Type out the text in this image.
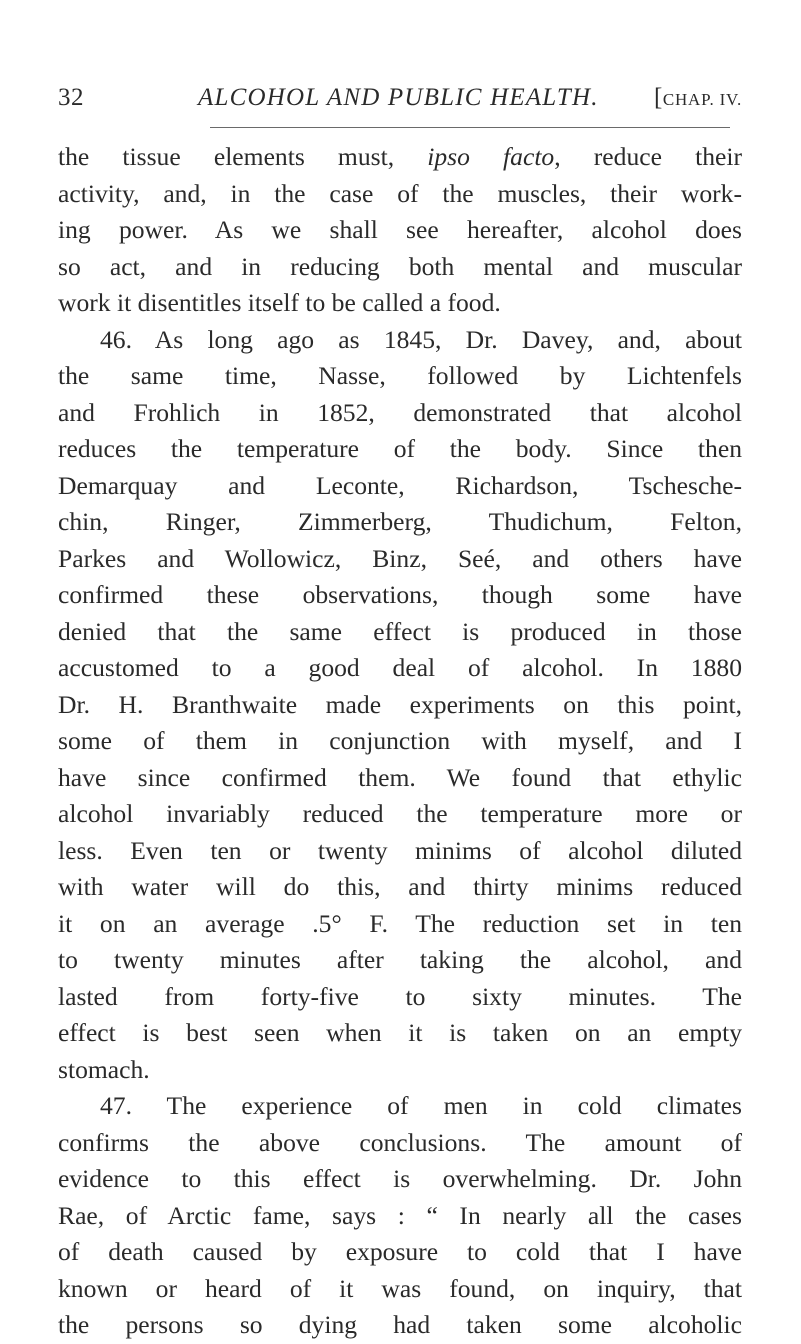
32	ALCOHOL AND PUBLIC HEALTH. [CHAP. IV.
the tissue elements must, ipso facto, reduce their
activity, and, in the case of the muscles, their work-
ing power. As we shall see hereafter, alcohol does
so act, and in reducing both mental and muscular
work it disentitles itself to be called a food.
46. As long ago as 1845, Dr. Davey, and, about
the same time, Nasse, followed by Lichtenfels
and Frohlich in 1852, demonstrated that alcohol
reduces the temperature of the body. Since then
Demarquay and Leconte, Richardson, Tschesche-
chin, Ringer, Zimmerberg, Thudichum, Felton,
Parkes and Wollowicz, Binz, Seé, and others have
confirmed these observations, though some have
denied that the same effect is produced in those
accustomed to a good deal of alcohol. In 1880
Dr. H. Branthwaite made experiments on this point,
some of them in conjunction with myself, and I
have since confirmed them. We found that ethylic
alcohol invariably reduced the temperature more or
less. Even ten or twenty minims of alcohol diluted
with water will do this, and thirty minims reduced
it on an average .5° F. The reduction set in ten
to twenty minutes after taking the alcohol, and
lasted from forty-five to sixty minutes. The
effect is best seen when it is taken on an empty
stomach.
47. The experience of men in cold climates
confirms the above conclusions. The amount of
evidence to this effect is overwhelming. Dr. John
Rae, of Arctic fame, says : “ In nearly all the cases
of death caused by exposure to cold that I have
known or heard of it was found, on inquiry, that
the persons so dying had taken some alcoholic
